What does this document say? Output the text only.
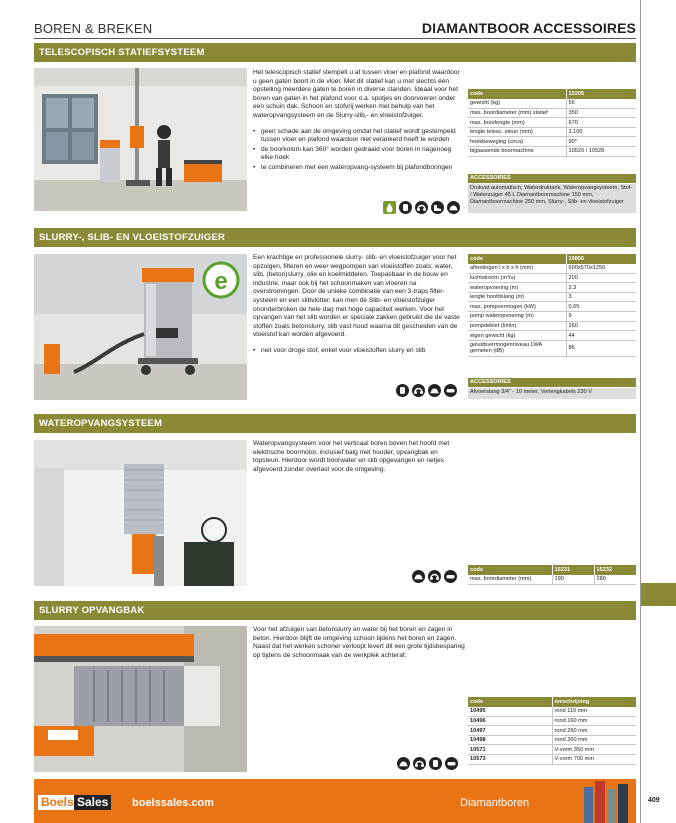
BOREN & BREKEN	DIAMANTBOOR ACCESSOIRES
409
TELESCOPISCH STATIEFSYSTEEM

Het telescopisch statief stempelt u af tussen vloer en plafond waardoor u geen gaten boort in de vloer. Met dit statief kan u met slechts één opstelling meerdere gaten te boren in diverse standen. Ideaal voor het boren van gaten in het plafond voor o.a. spotjes en doorvoeren onder een schuin dak. Schoon en stofvrij werken met behulp van het wateropvangsysteem en de Slurry-slib,- en vloeistofzuiger.

• geen schade aan de omgeving omdat het statief wordt gestempeld tussen vloer en plafond waardoor niet verankerd hoeft te worden
• de boorkolom kan 360° worden gedraaid voor boren in nagenoeg elke hoek
• te combineren met een wateropvang-systeem bij plafondboringen
code	15205
gewicht (kg)	56
max. boordiameter (mm) statief	350
max. boorlengte (mm)	670
lengte telesc. steun (mm)	3.100
hoekbeweging (circa)	90°
bijpassende boormachine	10520 / 10528
ACCESSOIRES
Drukvat automatisch, Waterdruktank, Wateropvangsysteem, Stof- / Waterzuiger 45 L Diamantboormachine 150 mm, Diamantboormachine 250 mm, Slurry-, Slib- en vloeistofzuiger
SLURRY-, SLIB- EN VLOEISTOFZUIGER
e

Een krachtige en professionele slurry- slib- en vloeistofzuiger voor het opzuigen, filteren en weer wegpompen van vloeistoffen zoals; water, slib, (beton)slurry, olie en koelmiddelen. Toepasbaar in de bouw en industrie, maar ook bij het schoonmaken van vloeren na overstromingen. Door de unieke combinatie van een 3-traps filter-systeem en een slibvlotter, kan men de Slib- en vloeistofzuiger ononderbroken de hele dag met hoge capaciteit werken. Voor het opvangen van het slib worden er speciale zakken gebruikt die de vaste stoffen zoals betonslurry, slib vast houd waarna dit gescheiden van de vloeistof kan worden afgevoerd.

• niet voor droge stof, enkel voor vloeistoffen slurry en slib
code	10856
afmetingen l x b x h (mm)	600x570x1250
luchtstroom (m³/u)	200
wateropvoering (m)	2.3
lengte hoofdslang (m)	3
max. pompvermogen (kW)	0.65
pomp wateropvoering (m)	9
pompdebiet (l/min)	260
eigen gewicht (kg)	44
geluidsvermogenniveau LWA gemeten (dB)	86
ACCESSOIRES
Afvoerslang 3/4" - 10 meter, Verlengkabels 230 V
WATEROPVANGSYSTEEM

Wateropvangsysteem voor het verticaal boren boven het hoofd met elektrische boormotor, inclusief balg met houder, opvangbak en topsteun. Hierdoor wordt boorwater en slib opgevangen en netjes afgevoerd zonder overlast voor de omgeving.

code	15231	15232
max. boordiameter (mm)	190	280
SLURRY OPVANGBAK

Voor het afzuigen van betonslurry en water bij het boren en zagen in beton. Hierdoor blijft de omgeving schoon tijdens het boren en zagen. Naast dat het werken schoner verloopt levert dit een grote tijdsbesparing op tijdens de schoonmaak van de werkplek achteraf.

code	omschrijving
10495	rond 110 mm
10496	rond 160 mm
10497	rond 260 mm
10498	rond 360 mm
10571	V-vorm 350 mm
10573	V-vorm 700 mm
Boels Sales boelssales.com	Diamantboren
